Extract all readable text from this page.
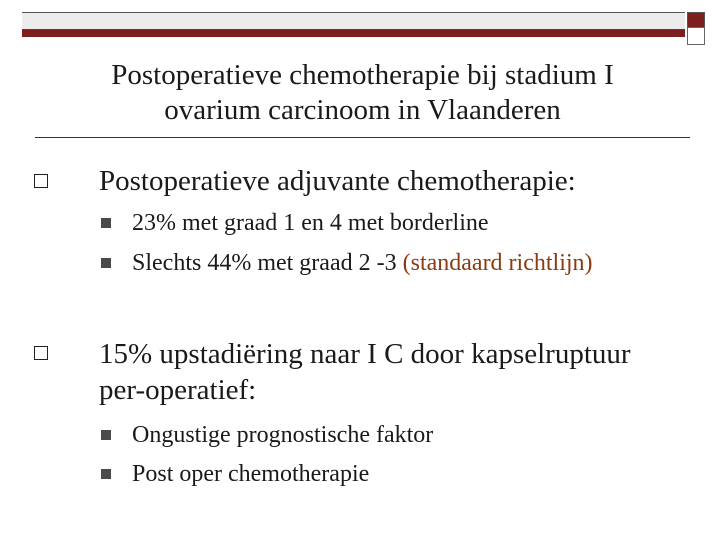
Postoperatieve chemotherapie bij stadium I
ovarium carcinoom in Vlaanderen
Postoperatieve adjuvante chemotherapie:
23% met graad 1 en 4 met borderline
Slechts 44% met graad 2 -3 (standaard richtlijn)
15% upstadiëring naar I C door kapselruptuur
per-operatief:
Ongustige prognostische faktor
Post oper chemotherapie
